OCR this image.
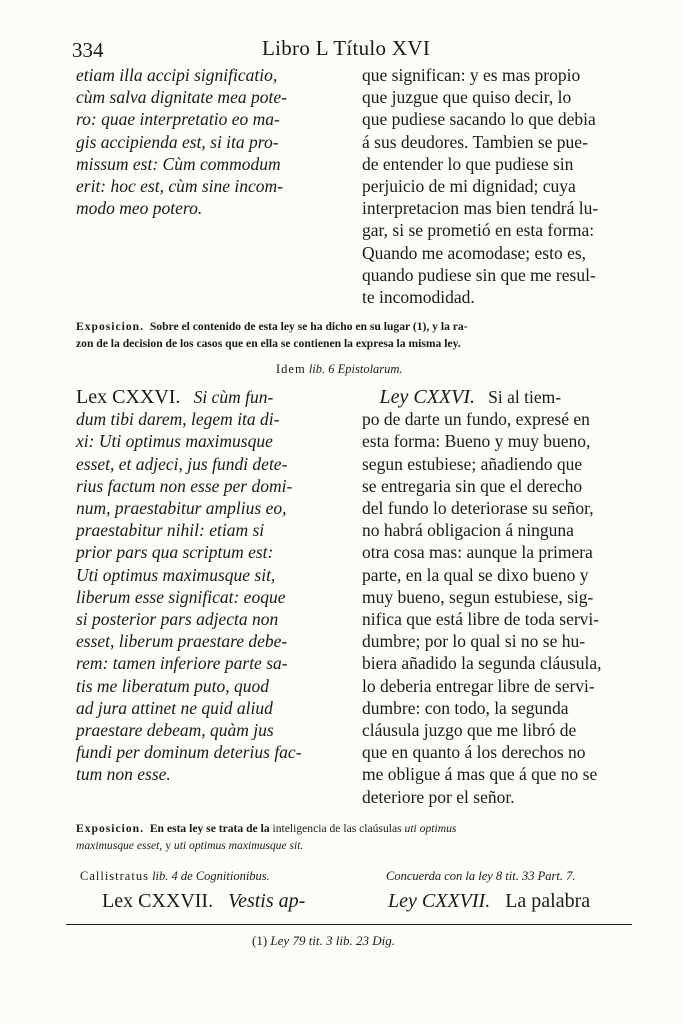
334	Libro L Título XVI
etiam illa accipi significatio,
cùm salva dignitate mea pote-
ro: quae interpretatio eo ma-
gis accipienda est, si ita pro-
missum est: Cùm commodum
erit: hoc est, cùm sine incom-
modo meo potero.
que significan: y es mas propio
que juzgue que quiso decir, lo
que pudiese sacando lo que debia
á sus deudores. Tambien se pue-
de entender lo que pudiese sin
perjuicio de mi dignidad; cuya
interpretacion mas bien tendrá lu-
gar, si se prometió en esta forma:
Quando me acomodase; esto es,
quando pudiese sin que me resul-
te incomodidad.
Exposicion. Sobre el contenido de esta ley se ha dicho en su lugar (1), y la ra-
zon de la decision de los casos que en ella se contienen la expresa la misma ley.
Idem lib. 6 Epistolarum.
Lex CXXVI. Si cùm fun-
dum tibi darem, legem ita di-
xi: Uti optimus maximusque
esset, et adjeci, jus fundi dete-
rius factum non esse per domi-
num, praestabitur amplius eo,
praestabitur nihil: etiam si
prior pars qua scriptum est:
Uti optimus maximusque sit,
liberum esse significat: eoque
si posterior pars adjecta non
esset, liberum praestare debe-
rem: tamen inferiore parte sa-
tis me liberatum puto, quod
ad jura attinet ne quid aliud
praestare debeam, quàm jus
fundi per dominum deterius fac-
tum non esse.
Ley CXXVI. Si al tiem-
po de darte un fundo, expresé en
esta forma: Bueno y muy bueno,
segun estubiese; añadiendo que
se entregaria sin que el derecho
del fundo lo deteriorase su señor,
no habrá obligacion á ninguna
otra cosa mas: aunque la primera
parte, en la qual se dixo bueno y
muy bueno, segun estubiese, sig-
nifica que está libre de toda servi-
dumbre; por lo qual si no se hu-
biera añadido la segunda cláusula,
lo deberia entregar libre de servi-
dumbre: con todo, la segunda
cláusula juzgo que me libró de
que en quanto á los derechos no
me obligue á mas que á que no se
deteriore por el señor.
Exposicion. En esta ley se trata de la inteligencia de las claúsulas uti optimus
maximusque esset, y uti optimus maximusque sit.
Callistratus lib. 4 de Cognitionibus.	Concuerda con la ley 8 tit. 33 Part. 7.
Lex CXXVII. Vestis ap-	Ley CXXVII. La palabra
(1) Ley 79 tit. 3 lib. 23 Dig.
